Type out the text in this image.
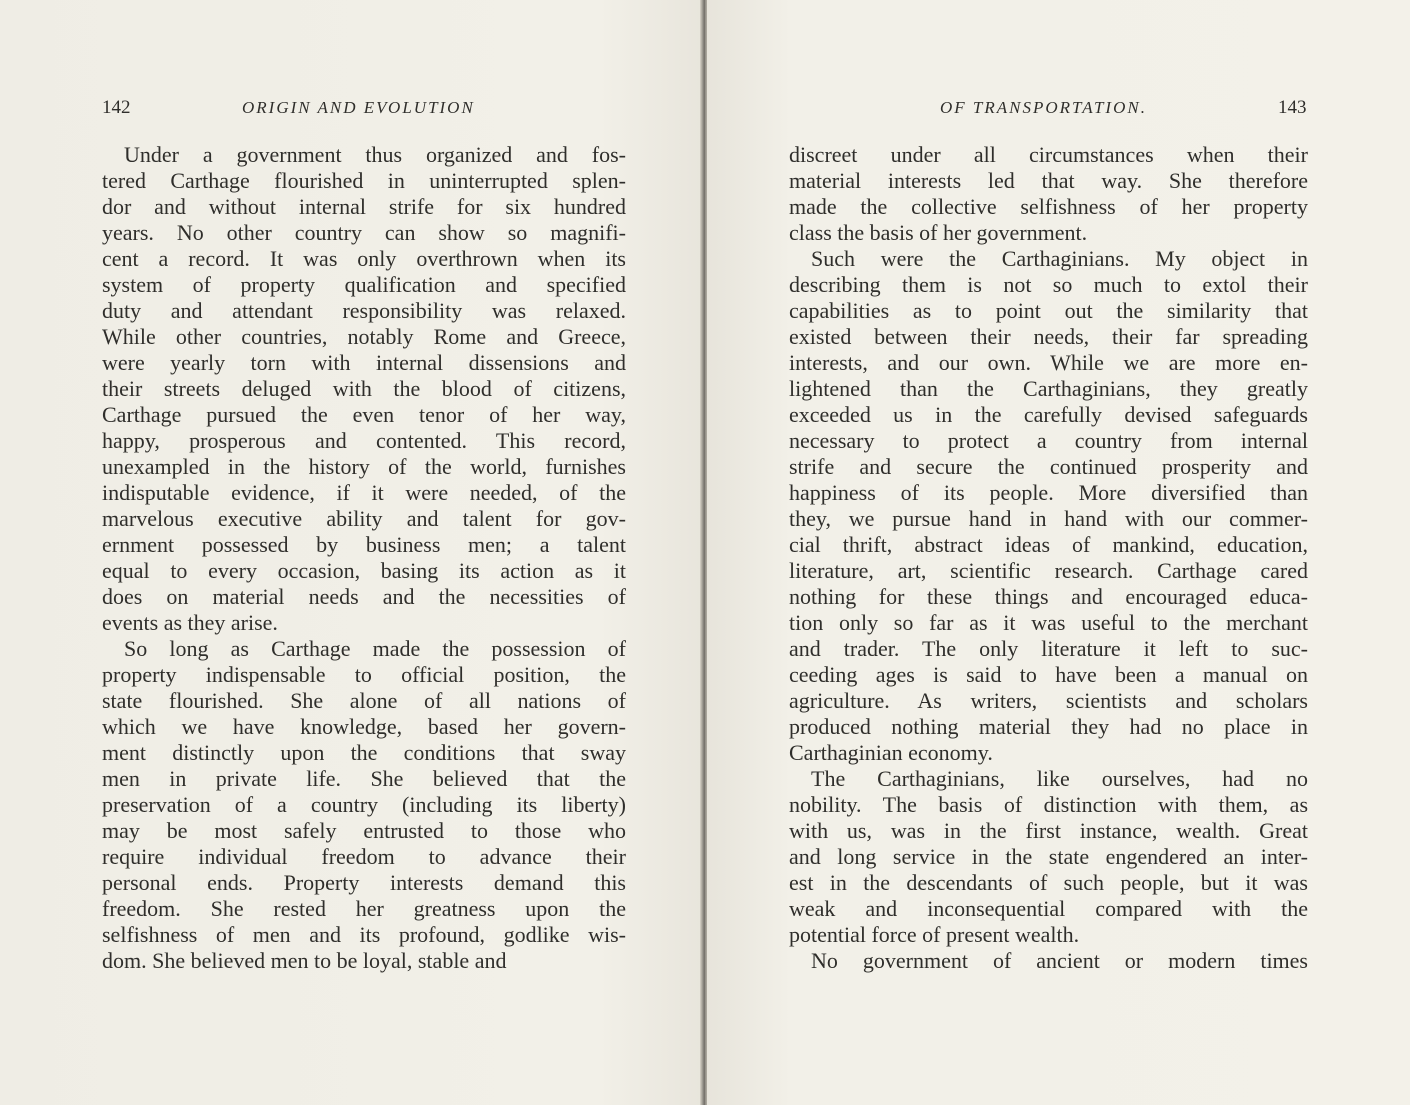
142	ORIGIN AND EVOLUTION

Under a government thus organized and fos-
tered Carthage flourished in uninterrupted splen-
dor and without internal strife for six hundred
years. No other country can show so magnifi-
cent a record. It was only overthrown when its
system of property qualification and specified
duty and attendant responsibility was relaxed.
While other countries, notably Rome and Greece,
were yearly torn with internal dissensions and
their streets deluged with the blood of citizens,
Carthage pursued the even tenor of her way,
happy, prosperous and contented. This record,
unexampled in the history of the world, furnishes
indisputable evidence, if it were needed, of the
marvelous executive ability and talent for gov-
ernment possessed by business men; a talent
equal to every occasion, basing its action as it
does on material needs and the necessities of
events as they arise.

So long as Carthage made the possession of
property indispensable to official position, the
state flourished. She alone of all nations of
which we have knowledge, based her govern-
ment distinctly upon the conditions that sway
men in private life. She believed that the
preservation of a country (including its liberty)
may be most safely entrusted to those who
require individual freedom to advance their
personal ends. Property interests demand this
freedom. She rested her greatness upon the
selfishness of men and its profound, godlike wis-
dom. She believed men to be loyal, stable and

OF TRANSPORTATION.	143

discreet under all circumstances when their
material interests led that way. She therefore
made the collective selfishness of her property
class the basis of her government.

Such were the Carthaginians. My object in
describing them is not so much to extol their
capabilities as to point out the similarity that
existed between their needs, their far spreading
interests, and our own. While we are more en-
lightened than the Carthaginians, they greatly
exceeded us in the carefully devised safeguards
necessary to protect a country from internal
strife and secure the continued prosperity and
happiness of its people. More diversified than
they, we pursue hand in hand with our commer-
cial thrift, abstract ideas of mankind, education,
literature, art, scientific research. Carthage cared
nothing for these things and encouraged educa-
tion only so far as it was useful to the merchant
and trader. The only literature it left to suc-
ceeding ages is said to have been a manual on
agriculture. As writers, scientists and scholars
produced nothing material they had no place in
Carthaginian economy.

The Carthaginians, like ourselves, had no
nobility. The basis of distinction with them, as
with us, was in the first instance, wealth. Great
and long service in the state engendered an inter-
est in the descendants of such people, but it was
weak and inconsequential compared with the
potential force of present wealth.

No government of ancient or modern times
